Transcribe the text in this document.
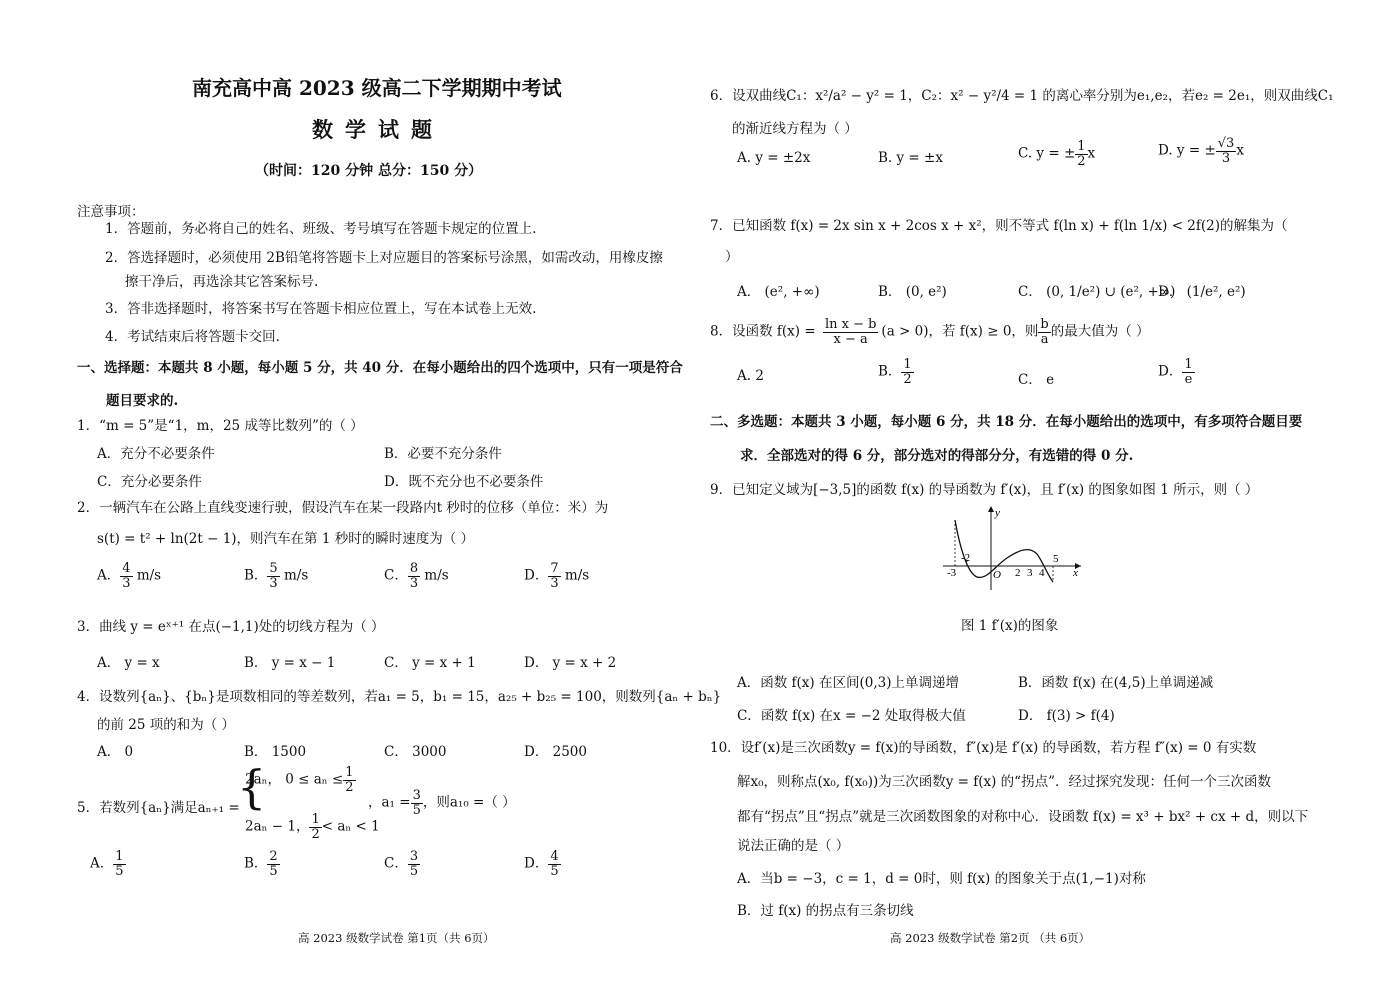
南充高中高 2023 级高二下学期期中考试
数学试题
（时间：120 分钟 总分：150 分）
注意事项：
1．答题前，务必将自己的姓名、班级、考号填写在答题卡规定的位置上.
2．答选择题时，必须使用 2B铅笔将答题卡上对应题目的答案标号涂黑，如需改动，用橡皮擦
擦干净后，再选涂其它答案标号.
3．答非选择题时，将答案书写在答题卡相应位置上，写在本试卷上无效.
4．考试结束后将答题卡交回.
一、选择题：本题共 8 小题，每小题 5 分，共 40 分．在每小题给出的四个选项中，只有一项是符合
题目要求的.
1．“m = 5”是“1，m，25 成等比数列”的（ ）
A．充分不必要条件	B．必要不充分条件
C．充分必要条件	D．既不充分也不必要条件
2．一辆汽车在公路上直线变速行驶，假设汽车在某一段路内t 秒时的位移（单位：米）为
s(t) = t² + ln(2t − 1)，则汽车在第 1 秒时的瞬时速度为（ ）
A． $\frac{4}{3} m/s$	B． $\frac{5}{3} m/s$	C． $\frac{8}{3} m/s$	D． $\frac{7}{3} m/s$
3．曲线 y = eˣ⁺¹ 在点(−1,1)处的切线方程为（ ）
A． y = x	B． y = x − 1	C． y = x + 1	D． y = x + 2
4．设数列{aₙ}、{bₙ}是项数相同的等差数列，若a₁ = 5，b₁ = 15，a₂₅ + b₂₅ = 100，则数列{aₙ + bₙ}
的前 25 项的和为（ ）
A． 0	B． 1500	C． 3000	D． 2500
5．若数列{aₙ}满足aₙ₊₁ =
{
2aₙ， $0 \le a_n \le \frac{1}{2}$
2aₙ − 1， $\frac{1}{2} < a_n < 1$
，$a_1 = \frac{3}{5}$ ，则a₁₀ =（ ）
A． $\frac{1}{5}$	B． $\frac{2}{5}$	C． $\frac{3}{5}$	D． $\frac{4}{5}$
高 2023 级数学试卷 第1页（共 6页）
6．设双曲线C₁：x²/a² − y² = 1，C₂：x² − y²/4 = 1 的离心率分别为e₁,e₂，若e₂ = 2e₁，则双曲线C₁
的渐近线方程为（ ）
A. y = ±2x	B. y = ±x	C. y = ± $\frac{1}{2}$ x	D. y = ± $\frac{√3}{3}$ x
7．已知函数 f(x) = 2x sin x + 2cos x + x²，则不等式 f(ln x) + f(ln 1/x) < 2f(2)的解集为（
）
A． (e², +∞)	B． (0, e²)	C． (0, 1/e²) ∪ (e², +∞)
D． (1/e², e²)
8．设函数 $f(x) = \frac{\text{ln x − b}}{x - a} (a > 0)$，若 f(x) ≥ 0，则 $\frac{b}{a}$ 的最大值为（ ）
A. 2	B． $\frac{1}{2}$	C． e
D． $\frac{1}{e}$
二、多选题：本题共 3 小题，每小题 6 分，共 18 分．在每小题给出的选项中，有多项符合题目要
求．全部选对的得 6 分，部分选对的得部分分，有选错的得 0 分.
9．已知定义域为[−3,5]的函数 f(x) 的导函数为 f′(x)，且 f′(x) 的图象如图 1 所示，则（ ）
y
x
O
-3
-2
2 3 4
5
图 1 f′(x)的图象
A．函数 f(x) 在区间(0,3)上单调递增	B．函数 f(x) 在(4,5)上单调递减
C．函数 f(x) 在x = −2 处取得极大值	D． f(3) > f(4)
10．设f′(x)是三次函数y = f(x)的导函数，f″(x)是 f′(x) 的导函数，若方程 f″(x) = 0 有实数
解x₀，则称点(x₀, f(x₀))为三次函数y = f(x) 的“拐点”．经过探究发现：任何一个三次函数
都有“拐点”且“拐点”就是三次函数图象的对称中心．设函数 f(x) = x³ + bx² + cx + d，则以下
说法正确的是（ ）
A．当b = −3，c = 1，d = 0时，则 f(x) 的图象关于点(1,−1)对称
B．过 f(x) 的拐点有三条切线
高 2023 级数学试卷 第2页 （共 6页）
